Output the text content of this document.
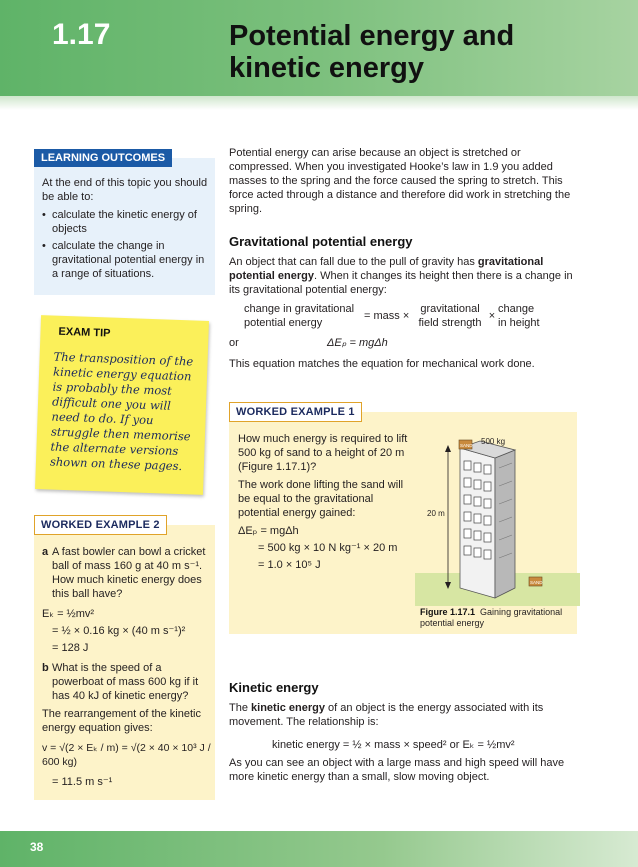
1.17	Potential energy and
kinetic energy
LEARNING OUTCOMES
At the end of this topic you should be able to:
• calculate the kinetic energy of objects
• calculate the change in gravitational potential energy in a range of situations.
EXAM TIP
The transposition of the kinetic energy equation is probably the most difficult one you will need to do. If you struggle then memorise the alternate versions shown on these pages.
WORKED EXAMPLE 2
a A fast bowler can bowl a cricket ball of mass 160 g at 40 m s⁻¹. How much kinetic energy does this ball have?
Eₖ = ½mv²
= ½ × 0.16 kg × (40 m s⁻¹)²
= 128 J
b What is the speed of a powerboat of mass 600 kg if it has 40 kJ of kinetic energy?
The rearrangement of the kinetic energy equation gives:
v = √(2 × Eₖ / m) = √(2 × 40 × 10³ J / 600 kg)
= 11.5 m s⁻¹
Potential energy can arise because an object is stretched or compressed. When you investigated Hooke’s law in 1.9 you added masses to the spring and the force caused the spring to stretch. This force acted through a distance and therefore did work in stretching the spring.
Gravitational potential energy
An object that can fall due to the pull of gravity has gravitational potential energy. When it changes its height then there is a change in its gravitational potential energy:
change in gravitational
potential energy
= mass ×
gravitational
field strength
×
change
in height
or	ΔEₚ = mgΔh
This equation matches the equation for mechanical work done.
WORKED EXAMPLE 1
How much energy is required to lift 500 kg of sand to a height of 20 m (Figure 1.17.1)?
The work done lifting the sand will be equal to the gravitational potential energy gained:
ΔEₚ = mgΔh
= 500 kg × 10 N kg⁻¹ × 20 m
= 1.0 × 10⁵ J
SAND 500 kg
20 m
SAND
Figure 1.17.1 Gaining gravitational potential energy
Kinetic energy
The kinetic energy of an object is the energy associated with its movement. The relationship is:
kinetic energy = ½ × mass × speed² or Eₖ = ½mv²
As you can see an object with a large mass and high speed will have more kinetic energy than a small, slow moving object.
38
